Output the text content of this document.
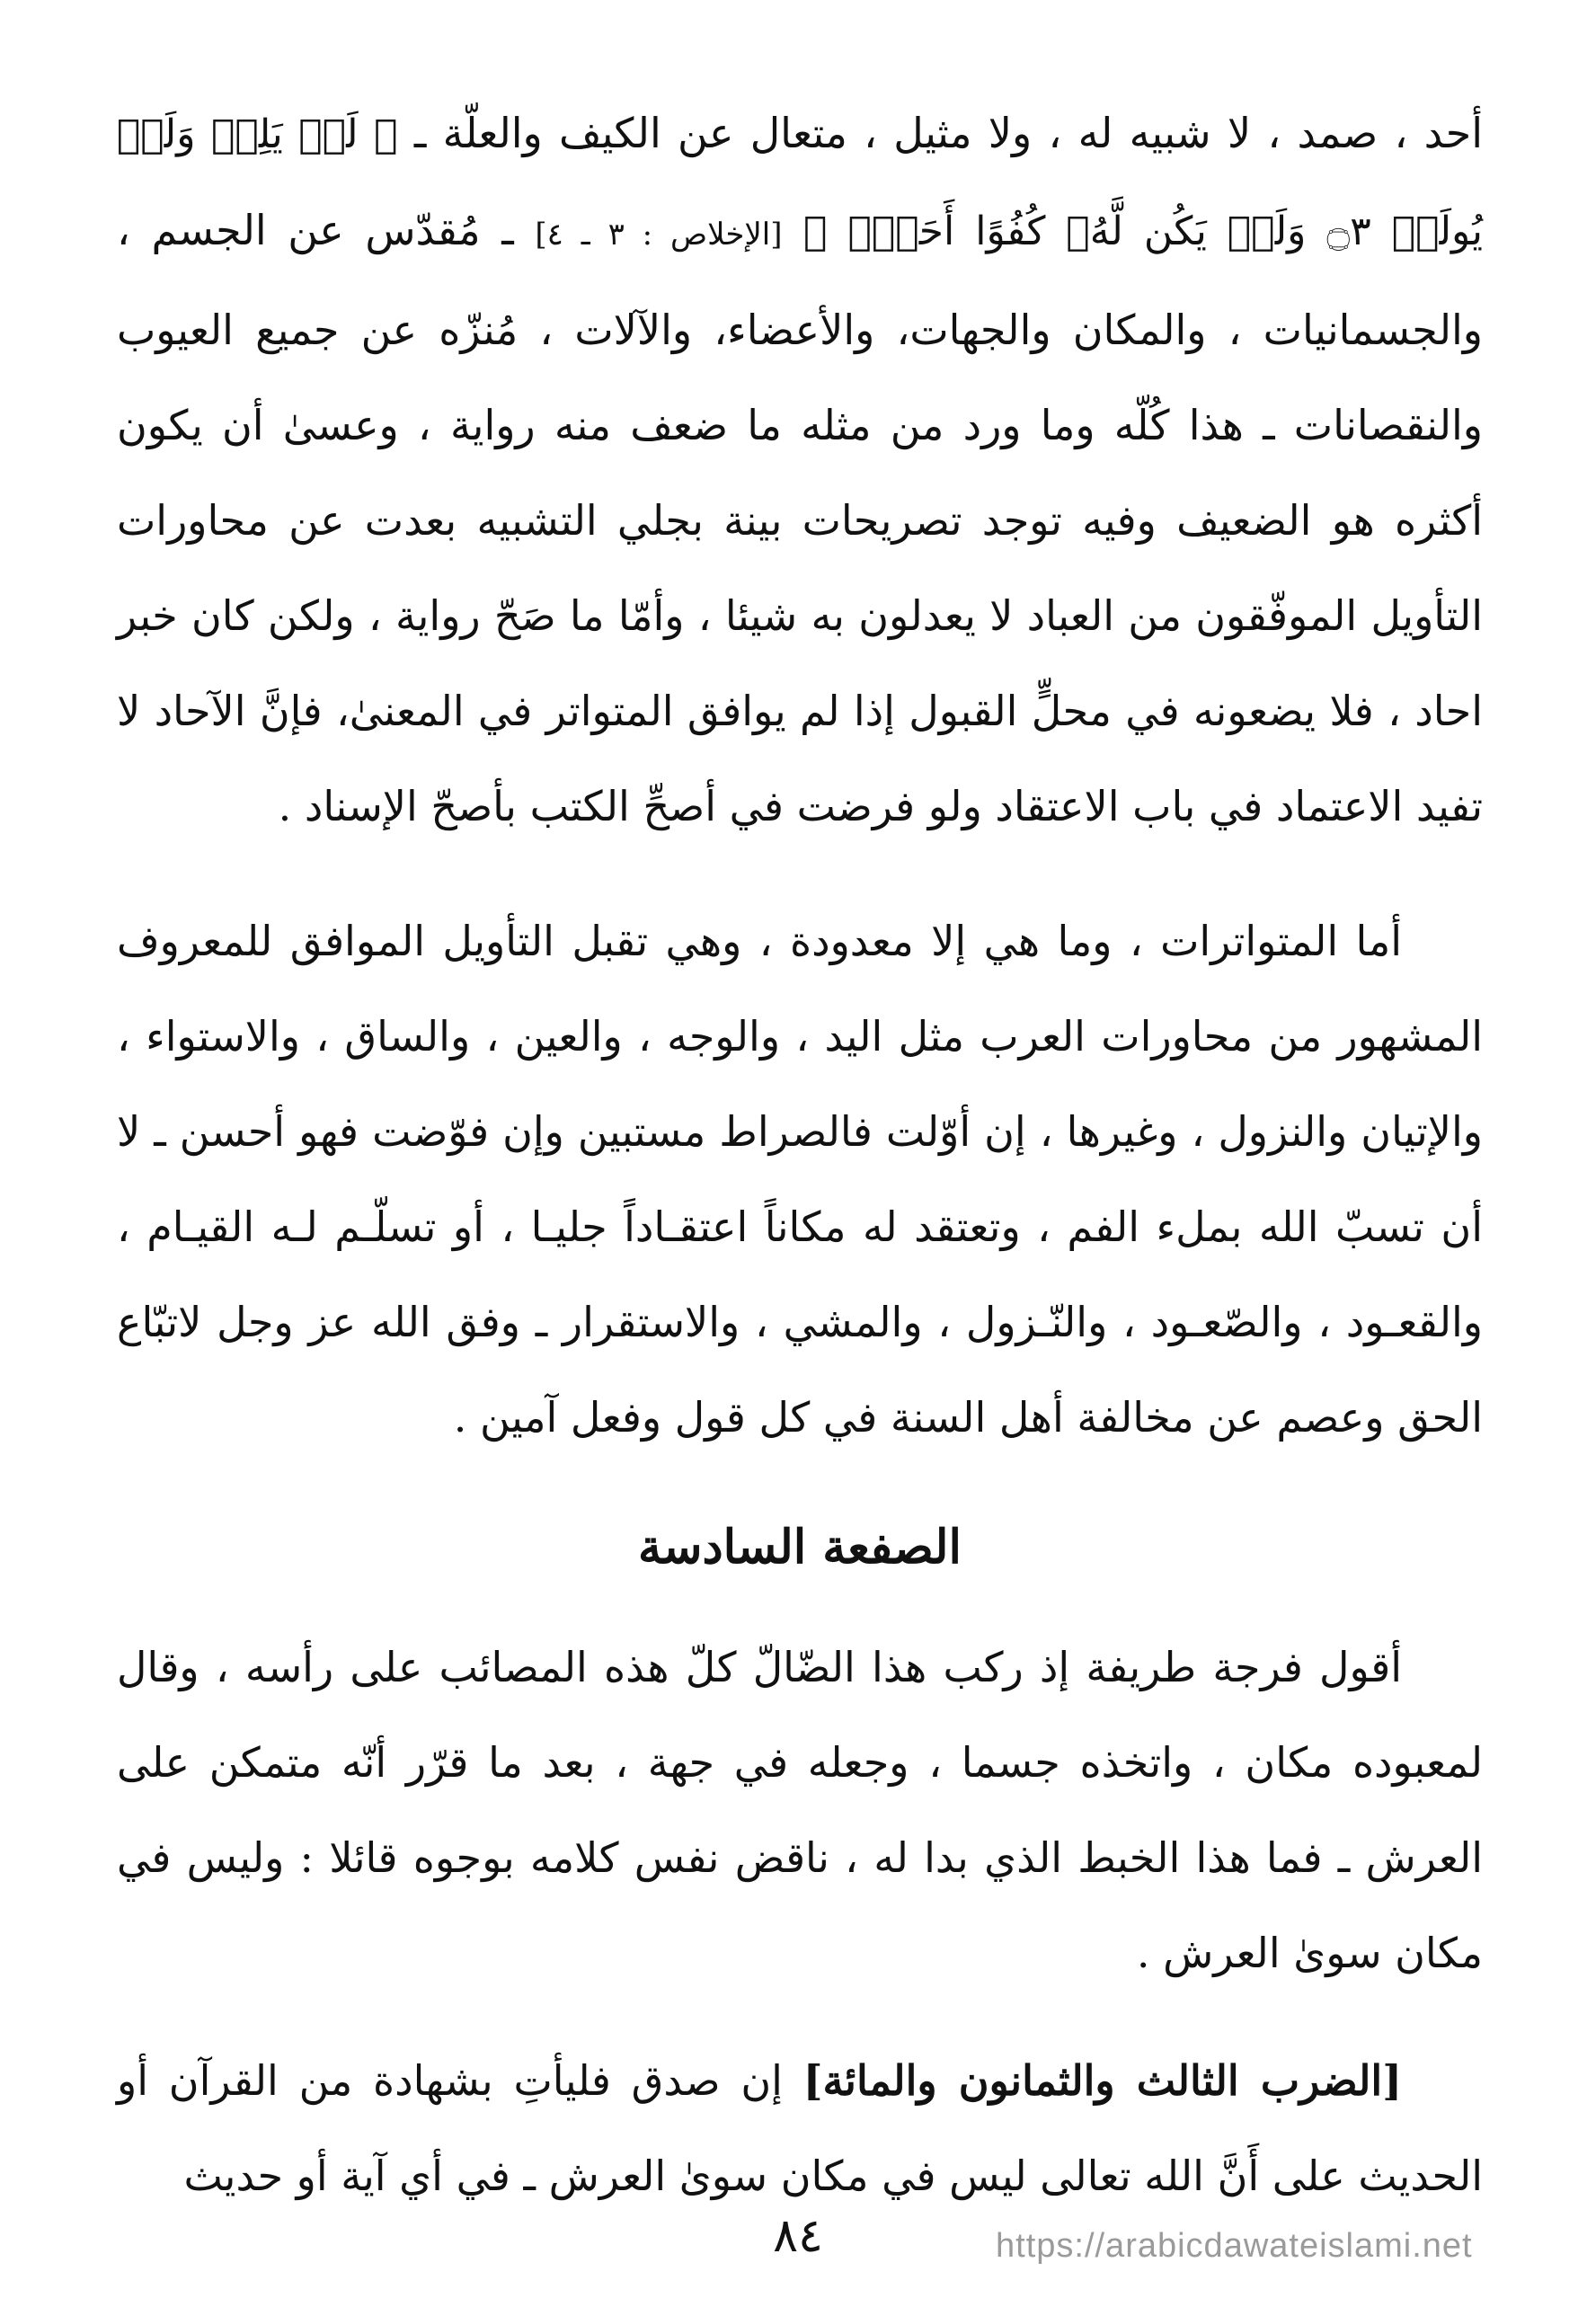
أحد ، صمد ، لا شبيه له ، ولا مثيل ، متعال عن الكيف والعلّة ـ ﴿ لَمۡ يَلِدۡ وَلَمۡ يُولَدۡ ۝٣ وَلَمۡ يَكُن لَّهُۥ كُفُوًا أَحَدُۢ ﴾ [الإخلاص : ٣ ـ ٤] ـ مُقدّس عن الجسم ، والجسمانيات ، والمكان والجهات، والأعضاء، والآلات ، مُنزّه عن جميع العيوب والنقصانات ـ هذا كُلّه وما ورد من مثله ما ضعف منه رواية ، وعسىٰ أن يكون أكثره هو الضعيف وفيه توجد تصريحات بينة بجلي التشبيه بعدت عن محاورات التأويل الموفّقون من العباد لا يعدلون به شيئا ، وأمّا ما صَحّ رواية ، ولكن كان خبر احاد ، فلا يضعونه في محلٍّ القبول إذا لم يوافق المتواتر في المعنىٰ، فإنَّ الآحاد لا تفيد الاعتماد في باب الاعتقاد ولو فرضت في أصحِّ الكتب بأصحّ الإسناد .

أما المتواترات ، وما هي إلا معدودة ، وهي تقبل التأويل الموافق للمعروف المشهور من محاورات العرب مثل اليد ، والوجه ، والعين ، والساق ، والاستواء ، والإتيان والنزول ، وغيرها ، إن أوّلت فالصراط مستبين وإن فوّضت فهو أحسن ـ لا أن تسبّ الله بملء الفم ، وتعتقد له مكاناً اعتقـاداً جليـا ، أو تسلّـم لـه القيـام ، والقعـود ، والصّعـود ، والنّـزول ، والمشي ، والاستقرار ـ وفق الله عز وجل لاتبّاع الحق وعصم عن مخالفة أهل السنة في كل قول وفعل آمين .

الصفعة السادسة

أقول فرجة طريفة إذ ركب هذا الضّالّ كلّ هذه المصائب على رأسه ، وقال لمعبوده مكان ، واتخذه جسما ، وجعله في جهة ، بعد ما قرّر أنّه متمكن على العرش ـ فما هذا الخبط الذي بدا له ، ناقض نفس كلامه بوجوه قائلا : وليس في مكان سوىٰ العرش .

[الضرب الثالث والثمانون والمائة] إن صدق فليأتِ بشهادة من القرآن أو الحديث على أَنَّ الله تعالى ليس في مكان سوىٰ العرش ـ في أي آية أو حديث

٨٤	https://arabicdawateislami.net
